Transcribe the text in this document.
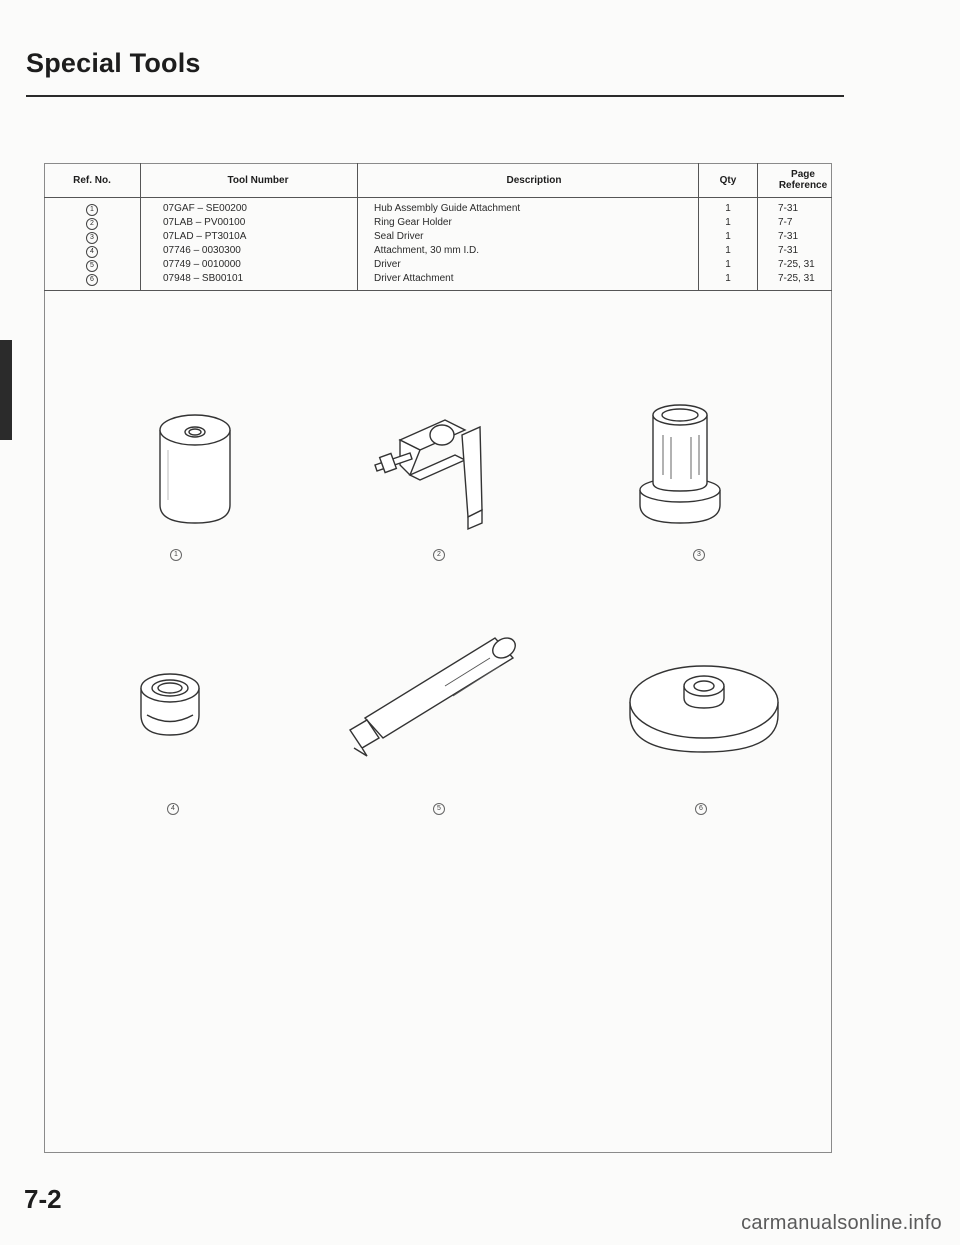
Special Tools
Ref. No.	Tool Number	Description	Qty	Page Reference
1	07GAF – SE00200	Hub Assembly Guide Attachment	1	7-31
2	07LAB – PV00100	Ring Gear Holder	1	7-7
3	07LAD – PT3010A	Seal Driver	1	7-31
4	07746 – 0030300	Attachment, 30 mm I.D.	1	7-31
5	07749 – 0010000	Driver	1	7-25, 31
6	07948 – SB00101	Driver Attachment	1	7-25, 31
1	2	3
4	5	6
7-2
carmanualsonline.info
